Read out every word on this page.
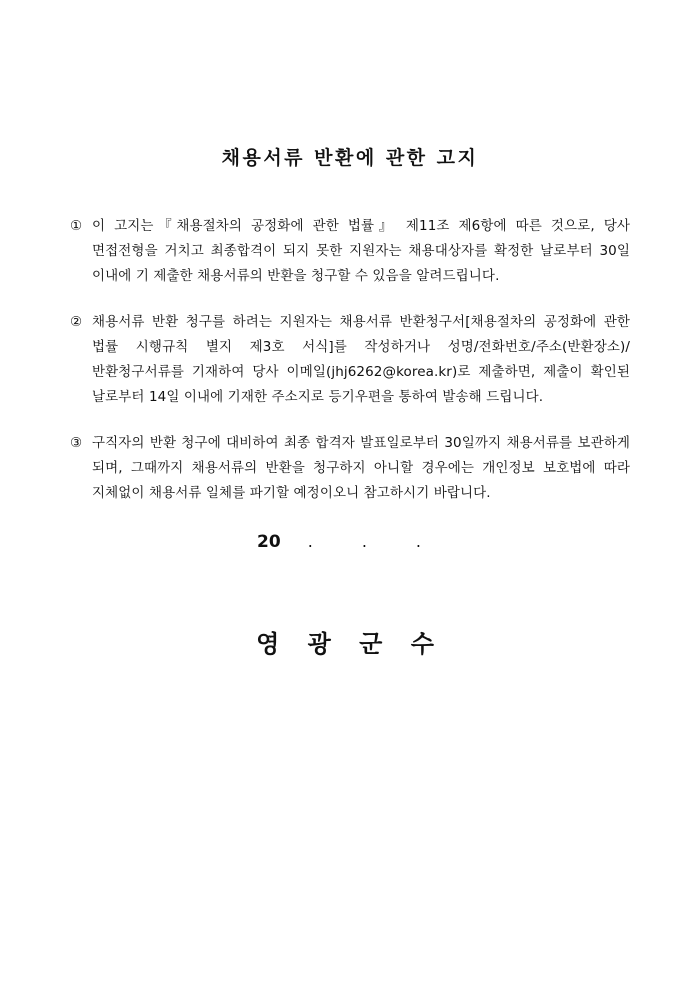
채용서류 반환에 관한 고지
① 이 고지는『채용절차의 공정화에 관한 법률』 제11조 제6항에 따른 것으로, 당사 면접전형을 거치고 최종합격이 되지 못한 지원자는 채용대상자를 확정한 날로부터 30일 이내에 기 제출한 채용서류의 반환을 청구할 수 있음을 알려드립니다.
② 채용서류 반환 청구를 하려는 지원자는 채용서류 반환청구서[채용절차의 공정화에 관한 법률 시행규칙 별지 제3호 서식]를 작성하거나 성명/전화번호/주소(반환장소)/반환청구서류를 기재하여 당사 이메일(jhj6262@korea.kr)로 제출하면, 제출이 확인된 날로부터 14일 이내에 기재한 주소지로 등기우편을 통하여 발송해 드립니다.
③ 구직자의 반환 청구에 대비하여 최종 합격자 발표일로부터 30일까지 채용서류를 보관하게 되며, 그때까지 채용서류의 반환을 청구하지 아니할 경우에는 개인정보 보호법에 따라 지체없이 채용서류 일체를 파기할 예정이오니 참고하시기 바랍니다.
20 .	.	.
영 광 군 수
